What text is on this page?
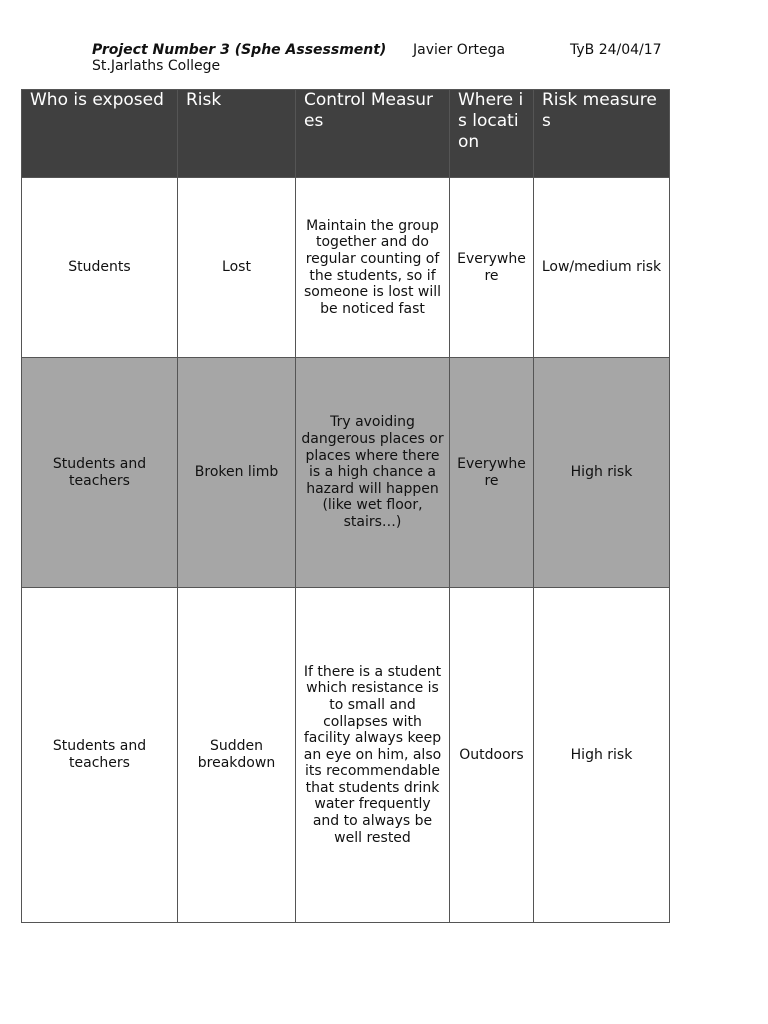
Project Number 3 (Sphe Assessment) Javier Ortega	TyB 24/04/17
St.Jarlaths College
Who is exposed	Risk	Control Measures	Where is location	Risk measures
Students	Lost	Maintain the group together and do regular counting of the students, so if someone is lost will be noticed fast	Everywhere	Low/medium risk
Students and teachers	Broken limb	Try avoiding dangerous places or places where there is a high chance a hazard will happen (like wet floor, stairs…)	Everywhere	High risk
Students and teachers	Sudden breakdown	If there is a student which resistance is to small and collapses with facility always keep an eye on him, also its recommendable that students drink water frequently and to always be well rested	Outdoors	High risk
